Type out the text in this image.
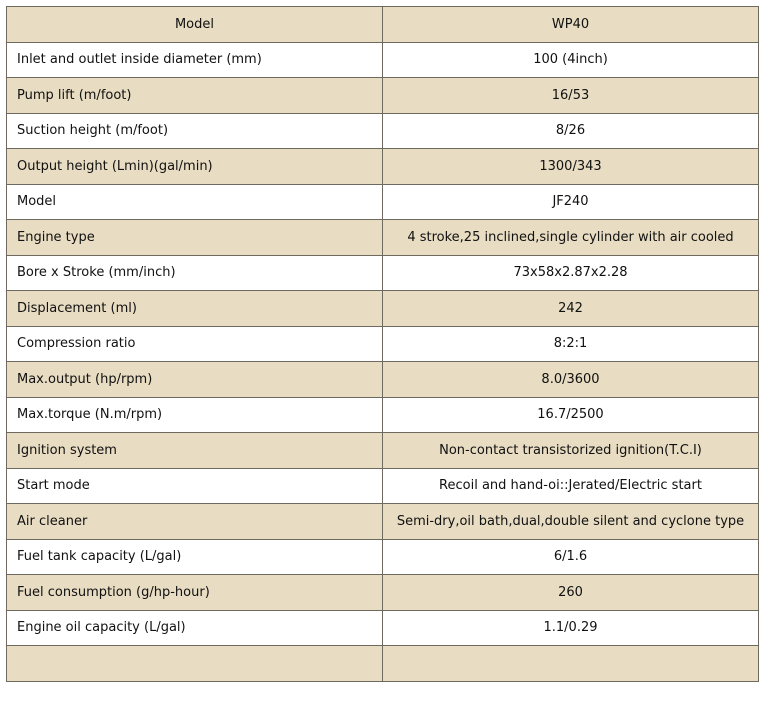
Model	WP40
Inlet and outlet inside diameter (mm)	100 (4inch)
Pump lift (m/foot)	16/53
Suction height (m/foot)	8/26
Output height (Lmin)(gal/min)	1300/343
Model	JF240
Engine type	4 stroke,25 inclined,single cylinder with air cooled
Bore x Stroke (mm/inch)	73x58x2.87x2.28
Displacement (ml)	242
Compression ratio	8:2:1
Max.output (hp/rpm)	8.0/3600
Max.torque (N.m/rpm)	16.7/2500
Ignition system	Non-contact transistorized ignition(T.C.I)
Start mode	Recoil and hand-oi::Jerated/Electric start
Air cleaner	Semi-dry,oil bath,dual,double silent and cyclone type
Fuel tank capacity (L/gal)	6/1.6
Fuel consumption (g/hp-hour)	260
Engine oil capacity (L/gal)	1.1/0.29
